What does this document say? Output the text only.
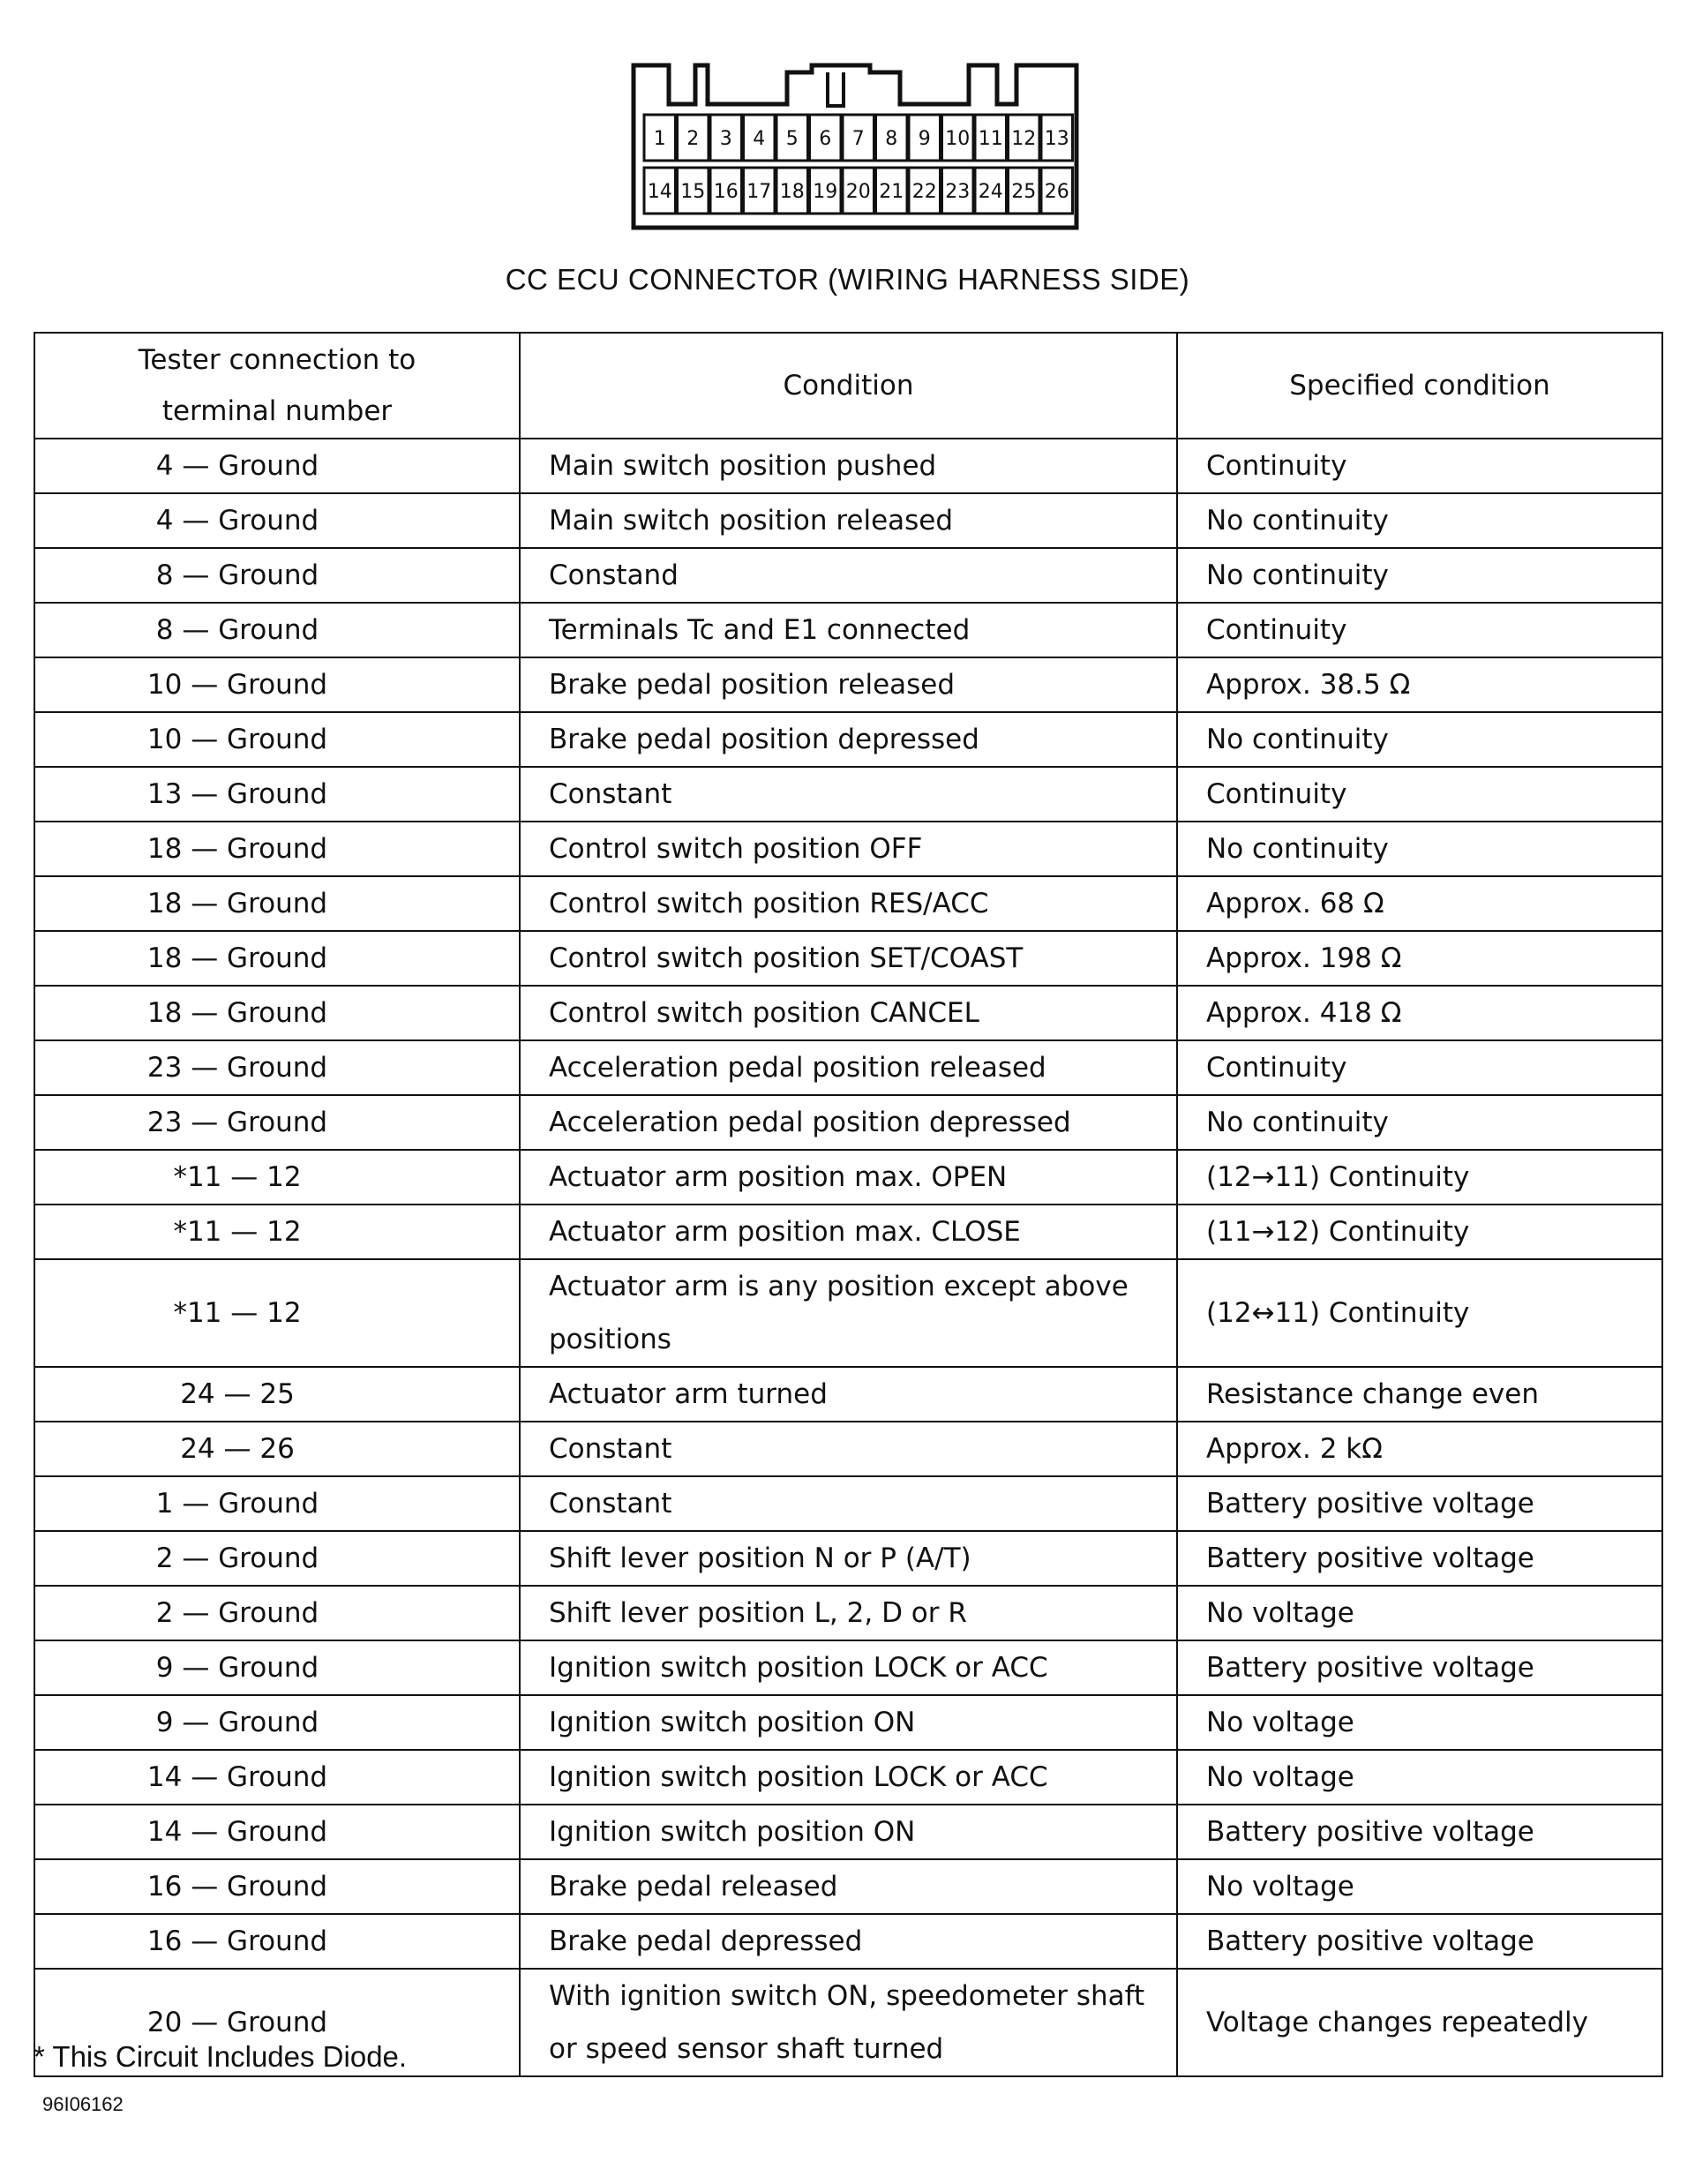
1 2 3 4 5 6 7 8 9 10 11 12 13
14 15 16 17 18 19 20 21 22 23 24 25 26
CC ECU CONNECTOR (WIRING HARNESS SIDE)
Tester connection to
terminal number	Condition	Specified condition
4 — Ground	Main switch position pushed	Continuity
4 — Ground	Main switch position released	No continuity
8 — Ground	Constand	No continuity
8 — Ground	Terminals Tc and E1 connected	Continuity
10 — Ground	Brake pedal position released	Approx. 38.5 Ω
10 — Ground	Brake pedal position depressed	No continuity
13 — Ground	Constant	Continuity
18 — Ground	Control switch position OFF	No continuity
18 — Ground	Control switch position RES/ACC	Approx. 68 Ω
18 — Ground	Control switch position SET/COAST	Approx. 198 Ω
18 — Ground	Control switch position CANCEL	Approx. 418 Ω
23 — Ground	Acceleration pedal position released	Continuity
23 — Ground	Acceleration pedal position depressed	No continuity
*11 — 12	Actuator arm position max. OPEN	(12→11) Continuity
*11 — 12	Actuator arm position max. CLOSE	(11→12) Continuity
*11 — 12	Actuator arm is any position except above positions	(12↔11) Continuity
24 — 25	Actuator arm turned	Resistance change even
24 — 26	Constant	Approx. 2 kΩ
1 — Ground	Constant	Battery positive voltage
2 — Ground	Shift lever position N or P (A/T)	Battery positive voltage
2 — Ground	Shift lever position L, 2, D or R	No voltage
9 — Ground	Ignition switch position LOCK or ACC	Battery positive voltage
9 — Ground	Ignition switch position ON	No voltage
14 — Ground	Ignition switch position LOCK or ACC	No voltage
14 — Ground	Ignition switch position ON	Battery positive voltage
16 — Ground	Brake pedal released	No voltage
16 — Ground	Brake pedal depressed	Battery positive voltage
20 — Ground	With ignition switch ON, speedometer shaft or speed sensor shaft turned	Voltage changes repeatedly
* This Circuit Includes Diode.
96I06162
